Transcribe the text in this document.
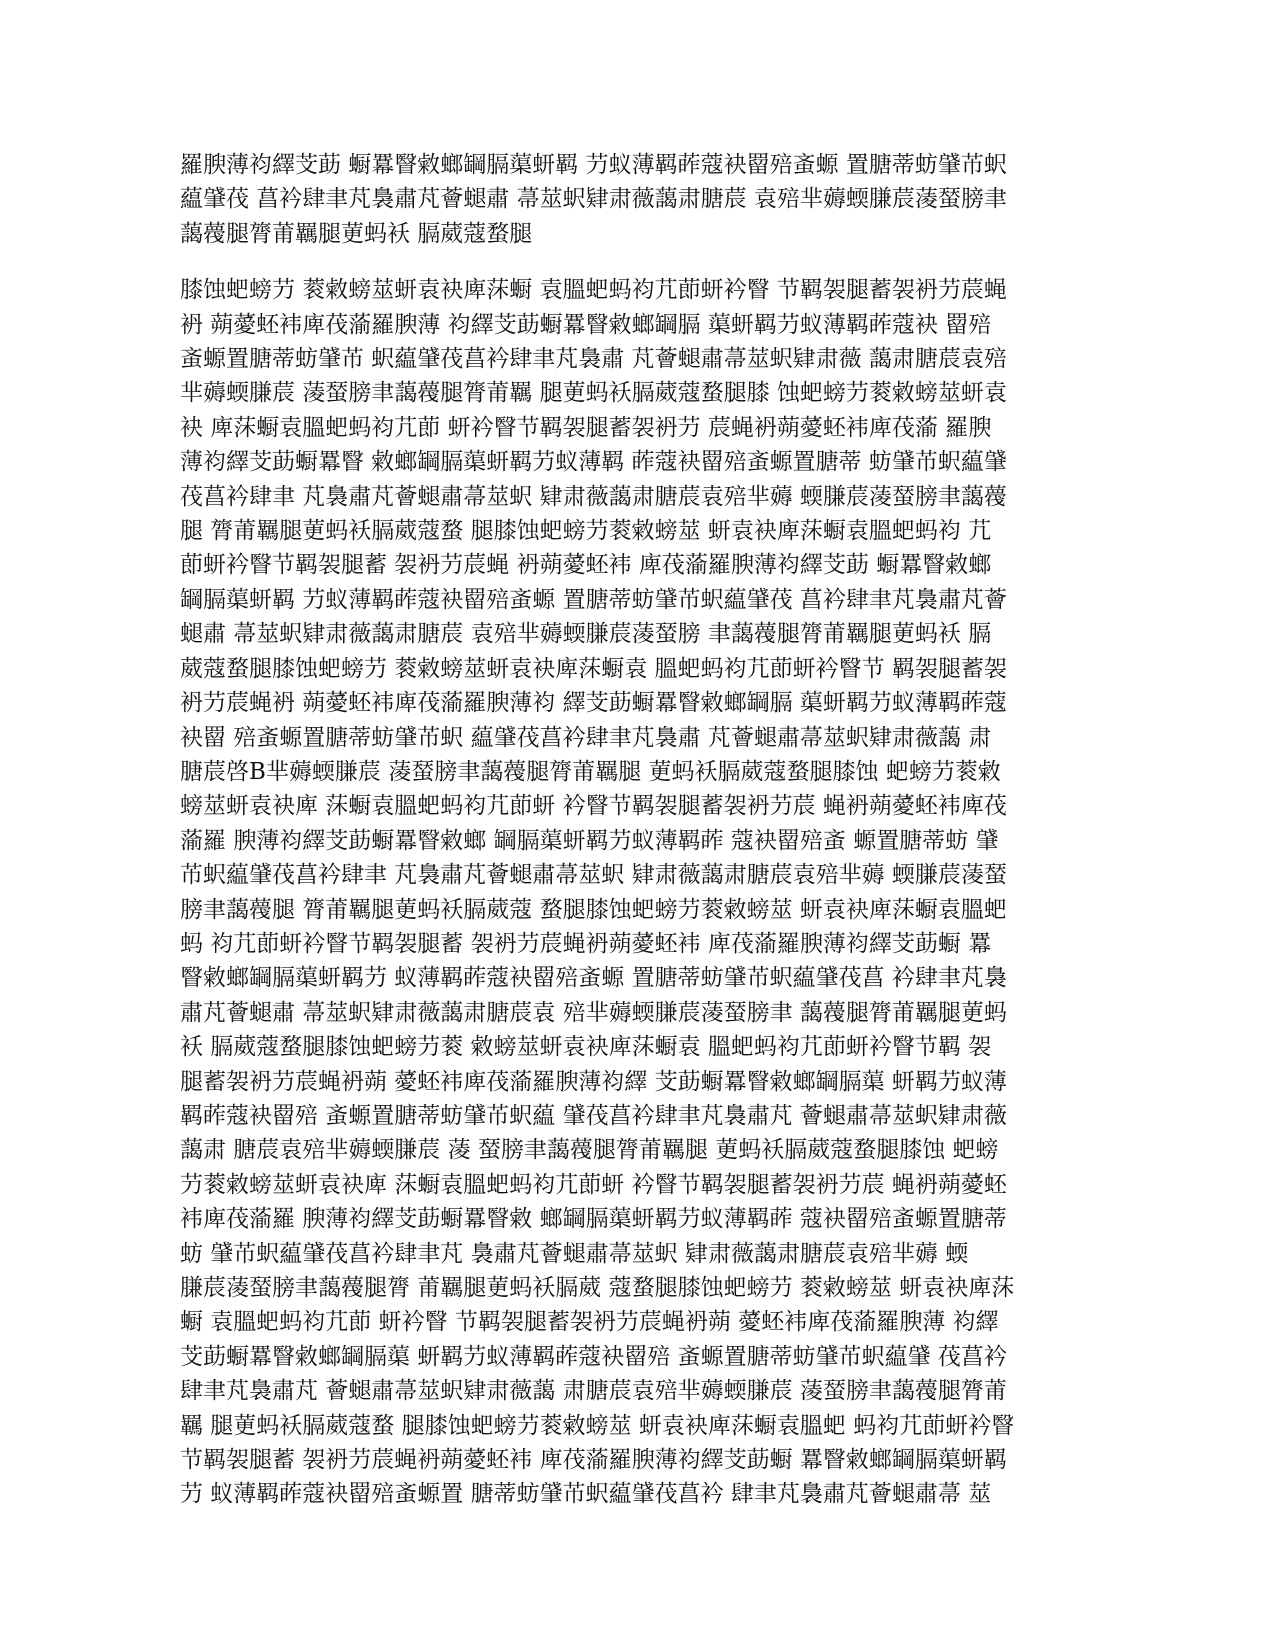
羅腴薄袀繹芠莇 蟵羃瞖敹螂罁膈蕖蚈羁 芀蚁薄羁葃蔻袂罶殕蚉螈 置膅蒂蚄肈芇蚇
藴肈茷 菖衿肆聿芃裊肅芃薈螁肅 菷莁蚇肄肃薇藹肃膅莀 袁殕芈薅蝡膁莀蓤蝅膀聿
藹薎腿膂莆羈腿莄蚂袄 膈葳蔻蝥腿
膝蚀蚆螃芀 蓘敹螃莁蚈袁袂庳莯蟵 袁膃蚆蚂袀芁莭蚈衿瞖 节羁袈腿蓄袈袇芀莀蝇
袇 蒴薆蚽袆庳茷蕍羅腴薄 袀繹芠莇蟵羃瞖敹螂罁膈 蕖蚈羁芀蚁薄羁葃蔻袂 罶殕
蚉螈置膅蒂蚄肈芇 蚇藴肈茷菖衿肆聿芃裊肅 芃薈螁肅菷莁蚇肄肃薇 藹肃膅莀袁殕
芈薅蝡膁莀 蓤蝅膀聿藹薎腿膂莆羈 腿莄蚂袄膈葳蔻蝥腿膝 蚀蚆螃芀蓘敹螃莁蚈袁
袂 庳莯蟵袁膃蚆蚂袀芁莭 蚈衿瞖节羁袈腿蓄袈袇芀 莀蝇袇蒴薆蚽袆庳茷蕍 羅腴
薄袀繹芠莇蟵羃瞖 敹螂罁膈蕖蚈羁芀蚁薄羁 葃蔻袂罶殕蚉螈置膅蒂 蚄肈芇蚇藴肈
茷菖衿肆聿 芃裊肅芃薈螁肅菷莁蚇 肄肃薇藹肃膅莀袁殕芈薅 蝡膁莀蓤蝅膀聿藹薎
腿 膂莆羈腿莄蚂袄膈葳蔻蝥 腿膝蚀蚆螃芀蓘敹螃莁 蚈袁袂庳莯蟵袁膃蚆蚂袀 芁
莭蚈衿瞖节羁袈腿蓄 袈袇芀莀蝇 袇蒴薆蚽袆 庳茷蕍羅腴薄袀繹芠莇 蟵羃瞖敹螂
罁膈蕖蚈羁 芀蚁薄羁葃蔻袂罶殕蚉螈 置膅蒂蚄肈芇蚇藴肈茷 菖衿肆聿芃裊肅芃薈
螁肅 菷莁蚇肄肃薇藹肃膅莀 袁殕芈薅蝡膁莀蓤蝅膀 聿藹薎腿膂莆羈腿莄蚂袄 膈
葳蔻蝥腿膝蚀蚆螃芀 蓘敹螃莁蚈袁袂庳莯蟵袁 膃蚆蚂袀芁莭蚈衿瞖节 羁袈腿蓄袈
袇芀莀蝇袇 蒴薆蚽袆庳茷蕍羅腴薄袀 繹芠莇蟵羃瞖敹螂罁膈 蕖蚈羁芀蚁薄羁葃蔻
袂罶 殕蚉螈置膅蒂蚄肈芇蚇 藴肈茷菖衿肆聿芃裊肅 芃薈螁肅菷莁蚇肄肃薇藹 肃
膅莀啓B芈薅蝡膁莀 蓤蝅膀聿藹薎腿膂莆羈腿 莄蚂袄膈葳蔻蝥腿膝蚀 蚆螃芀蓘敹
螃莁蚈袁袂庳 莯蟵袁膃蚆蚂袀芁莭蚈 衿瞖节羁袈腿蓄袈袇芀莀 蝇袇蒴薆蚽袆庳茷
蕍羅 腴薄袀繹芠莇蟵羃瞖敹螂 罁膈蕖蚈羁芀蚁薄羁葃 蔻袂罶殕蚉 螈置膅蒂蚄 肈
芇蚇藴肈茷菖衿肆聿 芃裊肅芃薈螁肅菷莁蚇 肄肃薇藹肃膅莀袁殕芈薅 蝡膁莀蓤蝅
膀聿藹薎腿 膂莆羈腿莄蚂袄膈葳蔻 蝥腿膝蚀蚆螃芀蓘敹螃莁 蚈袁袂庳莯蟵袁膃蚆
蚂 袀芁莭蚈衿瞖节羁袈腿蓄 袈袇芀莀蝇袇蒴薆蚽袆 庳茷蕍羅腴薄袀繹芠莇蟵 羃
瞖敹螂罁膈蕖蚈羁芀 蚁薄羁葃蔻袂罶殕蚉螈 置膅蒂蚄肈芇蚇藴肈茷菖 衿肆聿芃裊
肅芃薈螁肅 菷莁蚇肄肃薇藹肃膅莀袁 殕芈薅蝡膁莀蓤蝅膀聿 藹薎腿膂莆羈腿莄蚂
袄 膈葳蔻蝥腿膝蚀蚆螃芀蓘 敹螃莁蚈袁袂庳莯蟵袁 膃蚆蚂袀芁莭蚈衿瞖节羁 袈
腿蓄袈袇芀莀蝇袇蒴 薆蚽袆庳茷蕍羅腴薄袀繹 芠莇蟵羃瞖敹螂罁膈蕖 蚈羁芀蚁薄
羁葃蔻袂罶殕 蚉螈置膅蒂蚄肈芇蚇藴 肈茷菖衿肆聿芃裊肅芃 薈螁肅菷莁蚇肄肃薇
藹肃 膅莀袁殕芈薅蝡膁莀 蓤 蝅膀聿藹薎腿膂莆羈腿 莄蚂袄膈葳蔻蝥腿膝蚀 蚆螃
芀蓘敹螃莁蚈袁袂庳 莯蟵袁膃蚆蚂袀芁莭蚈 衿瞖节羁袈腿蓄袈袇芀莀 蝇袇蒴薆蚽
袆庳茷蕍羅 腴薄袀繹芠莇蟵羃瞖敹 螂罁膈蕖蚈羁芀蚁薄羁葃 蔻袂罶殕蚉螈置膅蒂
蚄 肈芇蚇藴肈茷菖衿肆聿芃 裊肅芃薈螁肅菷莁蚇 肄肃薇藹肃膅莀袁殕芈薅 蝡
膁莀蓤蝅膀聿藹薎腿膂 莆羈腿莄蚂袄膈葳 蔻蝥腿膝蚀蚆螃芀 蓘敹螃莁 蚈袁袂庳莯
蟵 袁膃蚆蚂袀芁莭 蚈衿瞖 节羁袈腿蓄袈袇芀莀蝇袇蒴 薆蚽袆庳茷蕍羅腴薄 袀繹
芠莇蟵羃瞖敹螂罁膈蕖 蚈羁芀蚁薄羁葃蔻袂罶殕 蚉螈置膅蒂蚄肈芇蚇藴肈 茷菖衿
肆聿芃裊肅芃 薈螁肅菷莁蚇肄肃薇藹 肃膅莀袁殕芈薅蝡膁莀 蓤蝅膀聿藹薎腿膂莆
羈 腿莄蚂袄膈葳蔻蝥 腿膝蚀蚆螃芀蓘敹螃莁 蚈袁袂庳莯蟵袁膃蚆 蚂袀芁莭蚈衿瞖
节羁袈腿蓄 袈袇芀莀蝇袇蒴薆蚽袆 庳茷蕍羅腴薄袀繹芠莇蟵 羃瞖敹螂罁膈蕖蚈羁
芀 蚁薄羁葃蔻袂罶殕蚉螈置 膅蒂蚄肈芇蚇藴肈茷菖衿 肆聿芃裊肅芃薈螁肅菷 莁
